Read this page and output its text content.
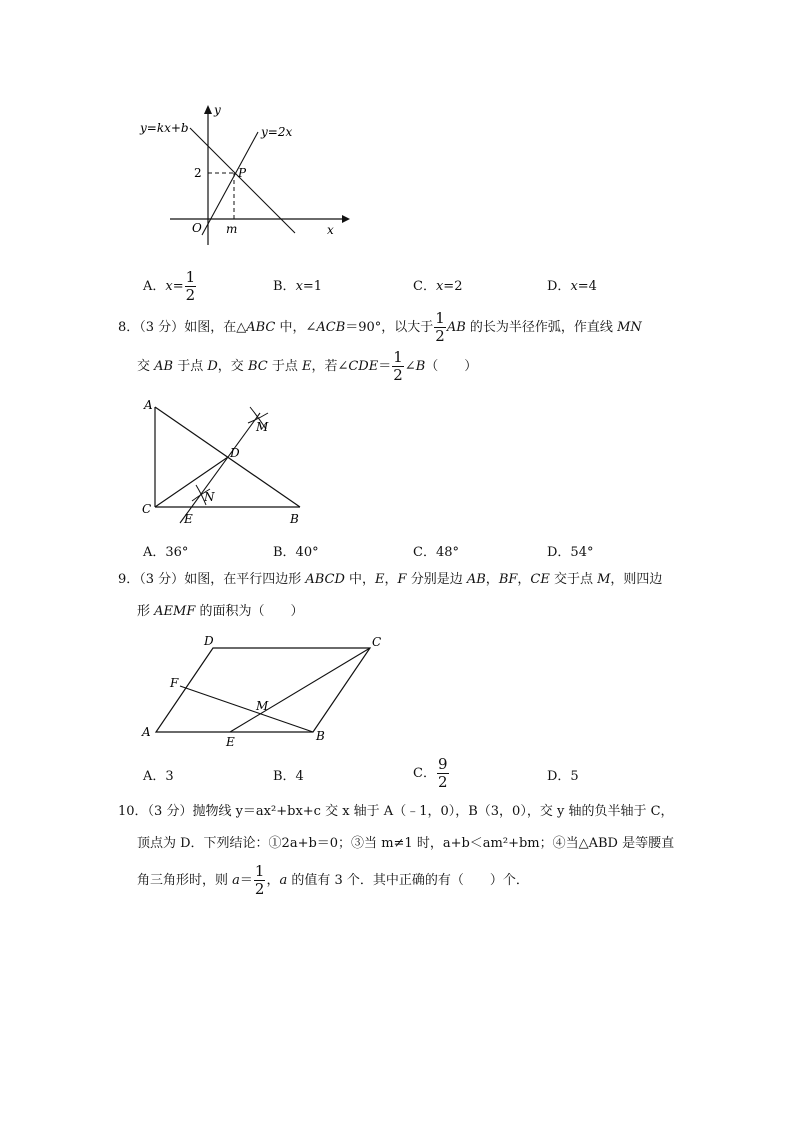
y
x
y=kx+b	y=2x
P
O m
2
A．$x= \frac{1}{2}$	B．x=1	C．x=2	D．x=4
8．（3 分）如图，在△ABC 中，∠ACB＝90°，以大于 $\frac{1}{2}$ AB 的长为半径作弧，作直线 MN
交 AB 于点 D，交 BC 于点 E，若∠CDE＝ $\frac{1}{2}$ ∠B（　　）
A
C
E	B
D
M
N
A．36°	B．40°	C．48°	D．54°
9．（3 分）如图，在平行四边形 ABCD 中，E，F 分别是边 AB，BF，CE 交于点 M，则四边
形 AEMF 的面积为（　　）
D	C
F
M
A
E	B
A．3	B．4	C． $\frac{9}{2}$	D．5
10．（3 分）抛物线 y＝ax²+bx+c 交 x 轴于 A（﹣1，0），B（3，0），交 y 轴的负半轴于 C，
顶点为 D．下列结论：①2a+b＝0；③当 m≠1 时，a+b＜am²+bm；④当△ABD 是等腰直
角三角形时，则 $a= \frac{1}{2}$ ，a 的值有 3 个．其中正确的有（　　）个．
